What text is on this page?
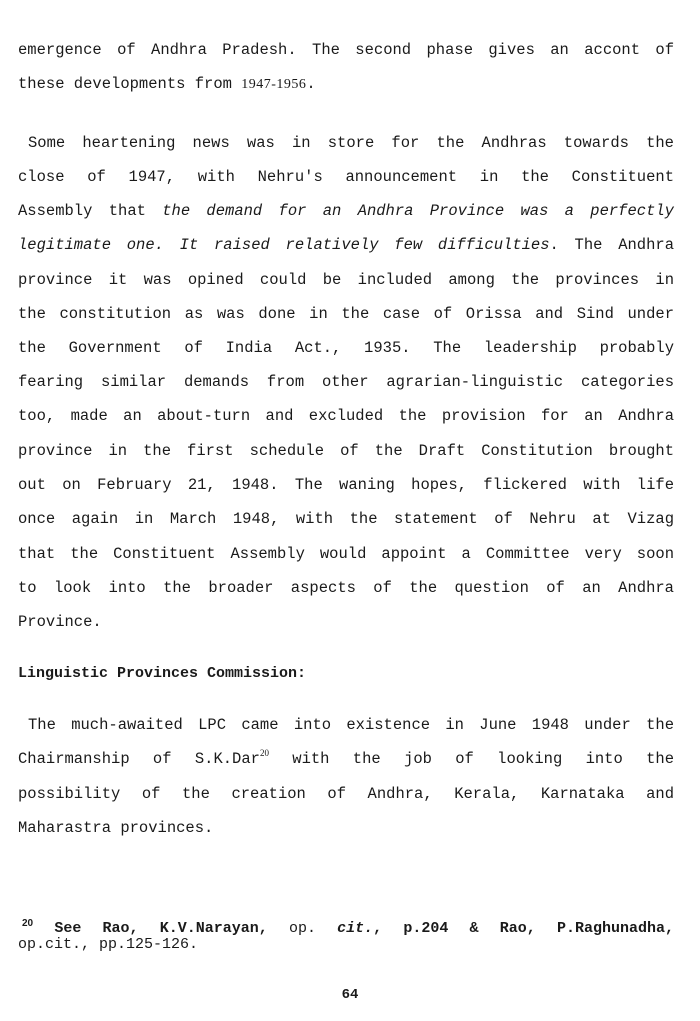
emergence of Andhra Pradesh. The second phase gives an accont of
these developments from 1947-1956.
Some heartening news was in store for the Andhras towards the
close of 1947, with Nehru's announcement in the Constituent
Assembly that the demand for an Andhra Province was a perfectly
legitimate one. It raised relatively few difficulties. The Andhra
province it was opined could be included among the provinces in
the constitution as was done in the case of Orissa and Sind under
the Government of India Act., 1935. The leadership probably
fearing similar demands from other agrarian-linguistic categories
too, made an about-turn and excluded the provision for an Andhra
province in the first schedule of the Draft Constitution brought
out on February 21, 1948. The waning hopes, flickered with life
once again in March 1948, with the statement of Nehru at Vizag
that the Constituent Assembly would appoint a Committee very soon
to look into the broader aspects of the question of an Andhra
Province.
Linguistic Provinces Commission:
The much-awaited LPC came into existence in June 1948 under the
Chairmanship of S.K.Dar$^{20}$ with the job of looking into the
possibility of the creation of Andhra, Kerala, Karnataka and
Maharastra provinces.
$^{20}$ See Rao, K.V.Narayan, op. cit., p.204 & Rao, P.Raghunadha,
op.cit., pp.125-126.
64
